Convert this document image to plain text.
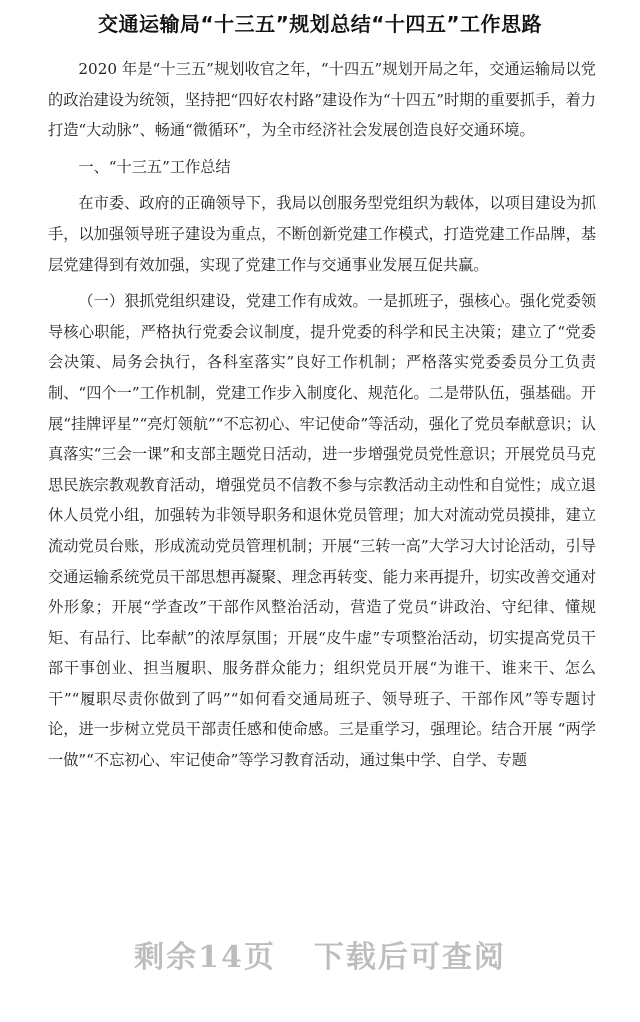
交通运输局“十三五”规划总结“十四五”工作思路

2020 年是“十三五”规划收官之年，“十四五”规划开局之年，交通运输局以党的政治建设为统领，坚持把“四好农村路”建设作为“十四五”时期的重要抓手，着力打造“大动脉”、畅通“微循环”，为全市经济社会发展创造良好交通环境。

一、“十三五”工作总结

在市委、政府的正确领导下，我局以创服务型党组织为载体，以项目建设为抓手，以加强领导班子建设为重点，不断创新党建工作模式，打造党建工作品牌，基层党建得到有效加强，实现了党建工作与交通事业发展互促共赢。

（一）狠抓党组织建设，党建工作有成效。一是抓班子，强核心。强化党委领导核心职能，严格执行党委会议制度，提升党委的科学和民主决策；建立了“党委会决策、局务会执行，各科室落实”良好工作机制；严格落实党委委员分工负责制、“四个一”工作机制，党建工作步入制度化、规范化。二是带队伍，强基础。开展“挂牌评星”“亮灯领航”“不忘初心、牢记使命”等活动，强化了党员奉献意识；认真落实“三会一课”和支部主题党日活动，进一步增强党员党性意识；开展党员马克思民族宗教观教育活动，增强党员不信教不参与宗教活动主动性和自觉性；成立退休人员党小组，加强转为非领导职务和退休党员管理；加大对流动党员摸排，建立流动党员台账，形成流动党员管理机制；开展“三转一高”大学习大讨论活动，引导交通运输系统党员干部思想再凝聚、理念再转变、能力来再提升，切实改善交通对外形象；开展“学查改”干部作风整治活动，营造了党员“讲政治、守纪律、懂规矩、有品行、比奉献”的浓厚氛围；开展“皮牛虚”专项整治活动，切实提高党员干部干事创业、担当履职、服务群众能力；组织党员开展“为谁干、谁来干、怎么干”“履职尽责你做到了吗”“如何看交通局班子、领导班子、干部作风”等专题讨论，进一步树立党员干部责任感和使命感。三是重学习，强理论。结合开展 “两学一做”“不忘初心、牢记使命”等学习教育活动，通过集中学、自学、专题

剩余14页 下载后可查阅
